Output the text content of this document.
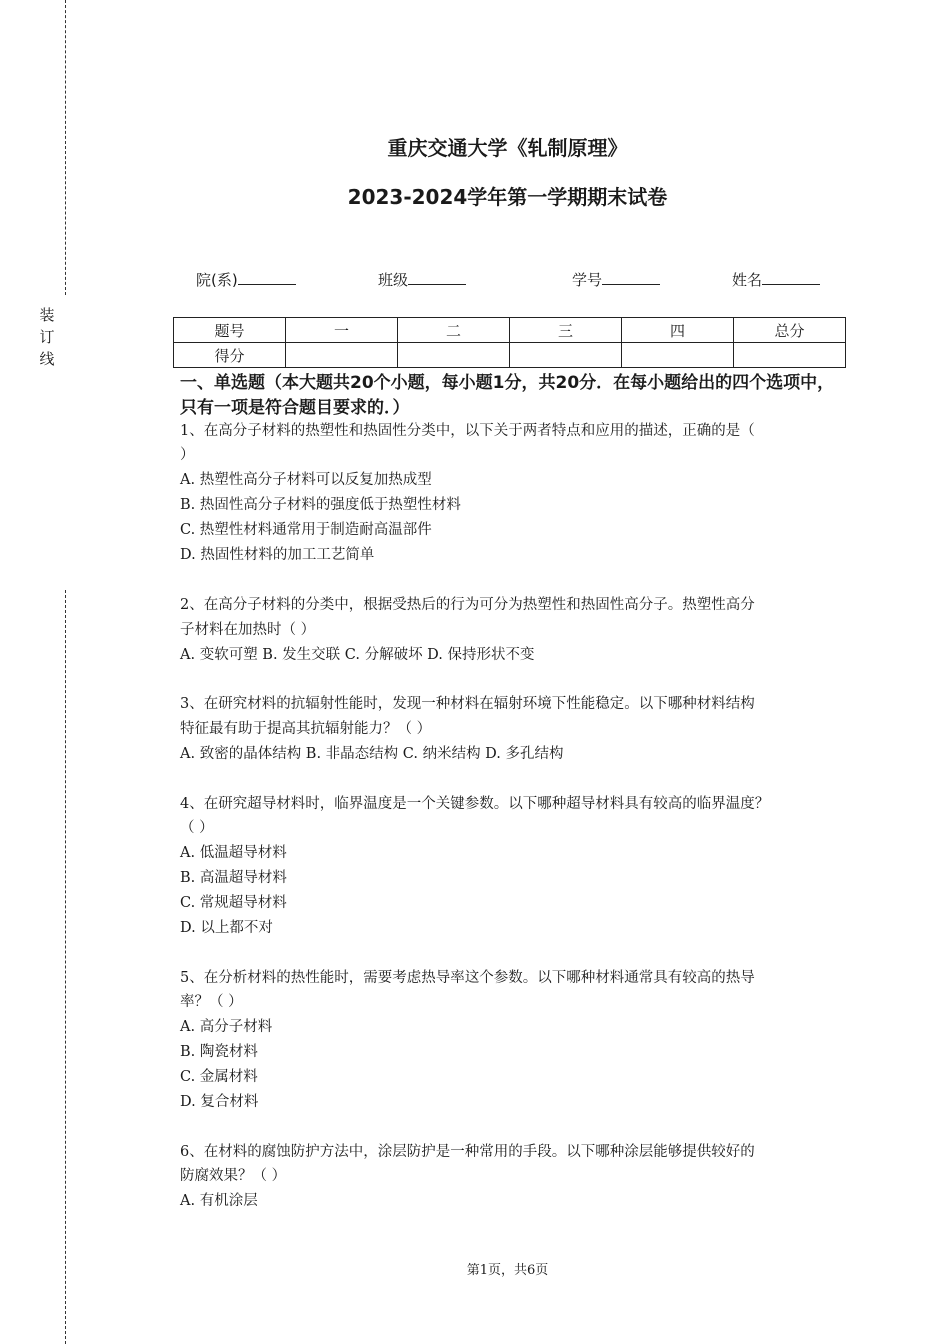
装订线
重庆交通大学《轧制原理》
2023-2024学年第一学期期末试卷
院(系)	班级	学号	姓名
题号	一	二	三	四	总分
得分					
一、单选题（本大题共20个小题，每小题1分，共20分．在每小题给出的四个选项中，只有一项是符合题目要求的．）
1、在高分子材料的热塑性和热固性分类中，以下关于两者特点和应用的描述，正确的是（
）
A. 热塑性高分子材料可以反复加热成型
B. 热固性高分子材料的强度低于热塑性材料
C. 热塑性材料通常用于制造耐高温部件
D. 热固性材料的加工工艺简单
2、在高分子材料的分类中，根据受热后的行为可分为热塑性和热固性高分子。热塑性高分
子材料在加热时（ ）
A. 变软可塑 B. 发生交联 C. 分解破坏 D. 保持形状不变
3、在研究材料的抗辐射性能时，发现一种材料在辐射环境下性能稳定。以下哪种材料结构
特征最有助于提高其抗辐射能力？（ ）
A. 致密的晶体结构 B. 非晶态结构 C. 纳米结构 D. 多孔结构
4、在研究超导材料时，临界温度是一个关键参数。以下哪种超导材料具有较高的临界温度？
（ ）
A. 低温超导材料
B. 高温超导材料
C. 常规超导材料
D. 以上都不对
5、在分析材料的热性能时，需要考虑热导率这个参数。以下哪种材料通常具有较高的热导
率？（ ）
A. 高分子材料
B. 陶瓷材料
C. 金属材料
D. 复合材料
6、在材料的腐蚀防护方法中，涂层防护是一种常用的手段。以下哪种涂层能够提供较好的
防腐效果？（ ）
A. 有机涂层
第1页，共6页
